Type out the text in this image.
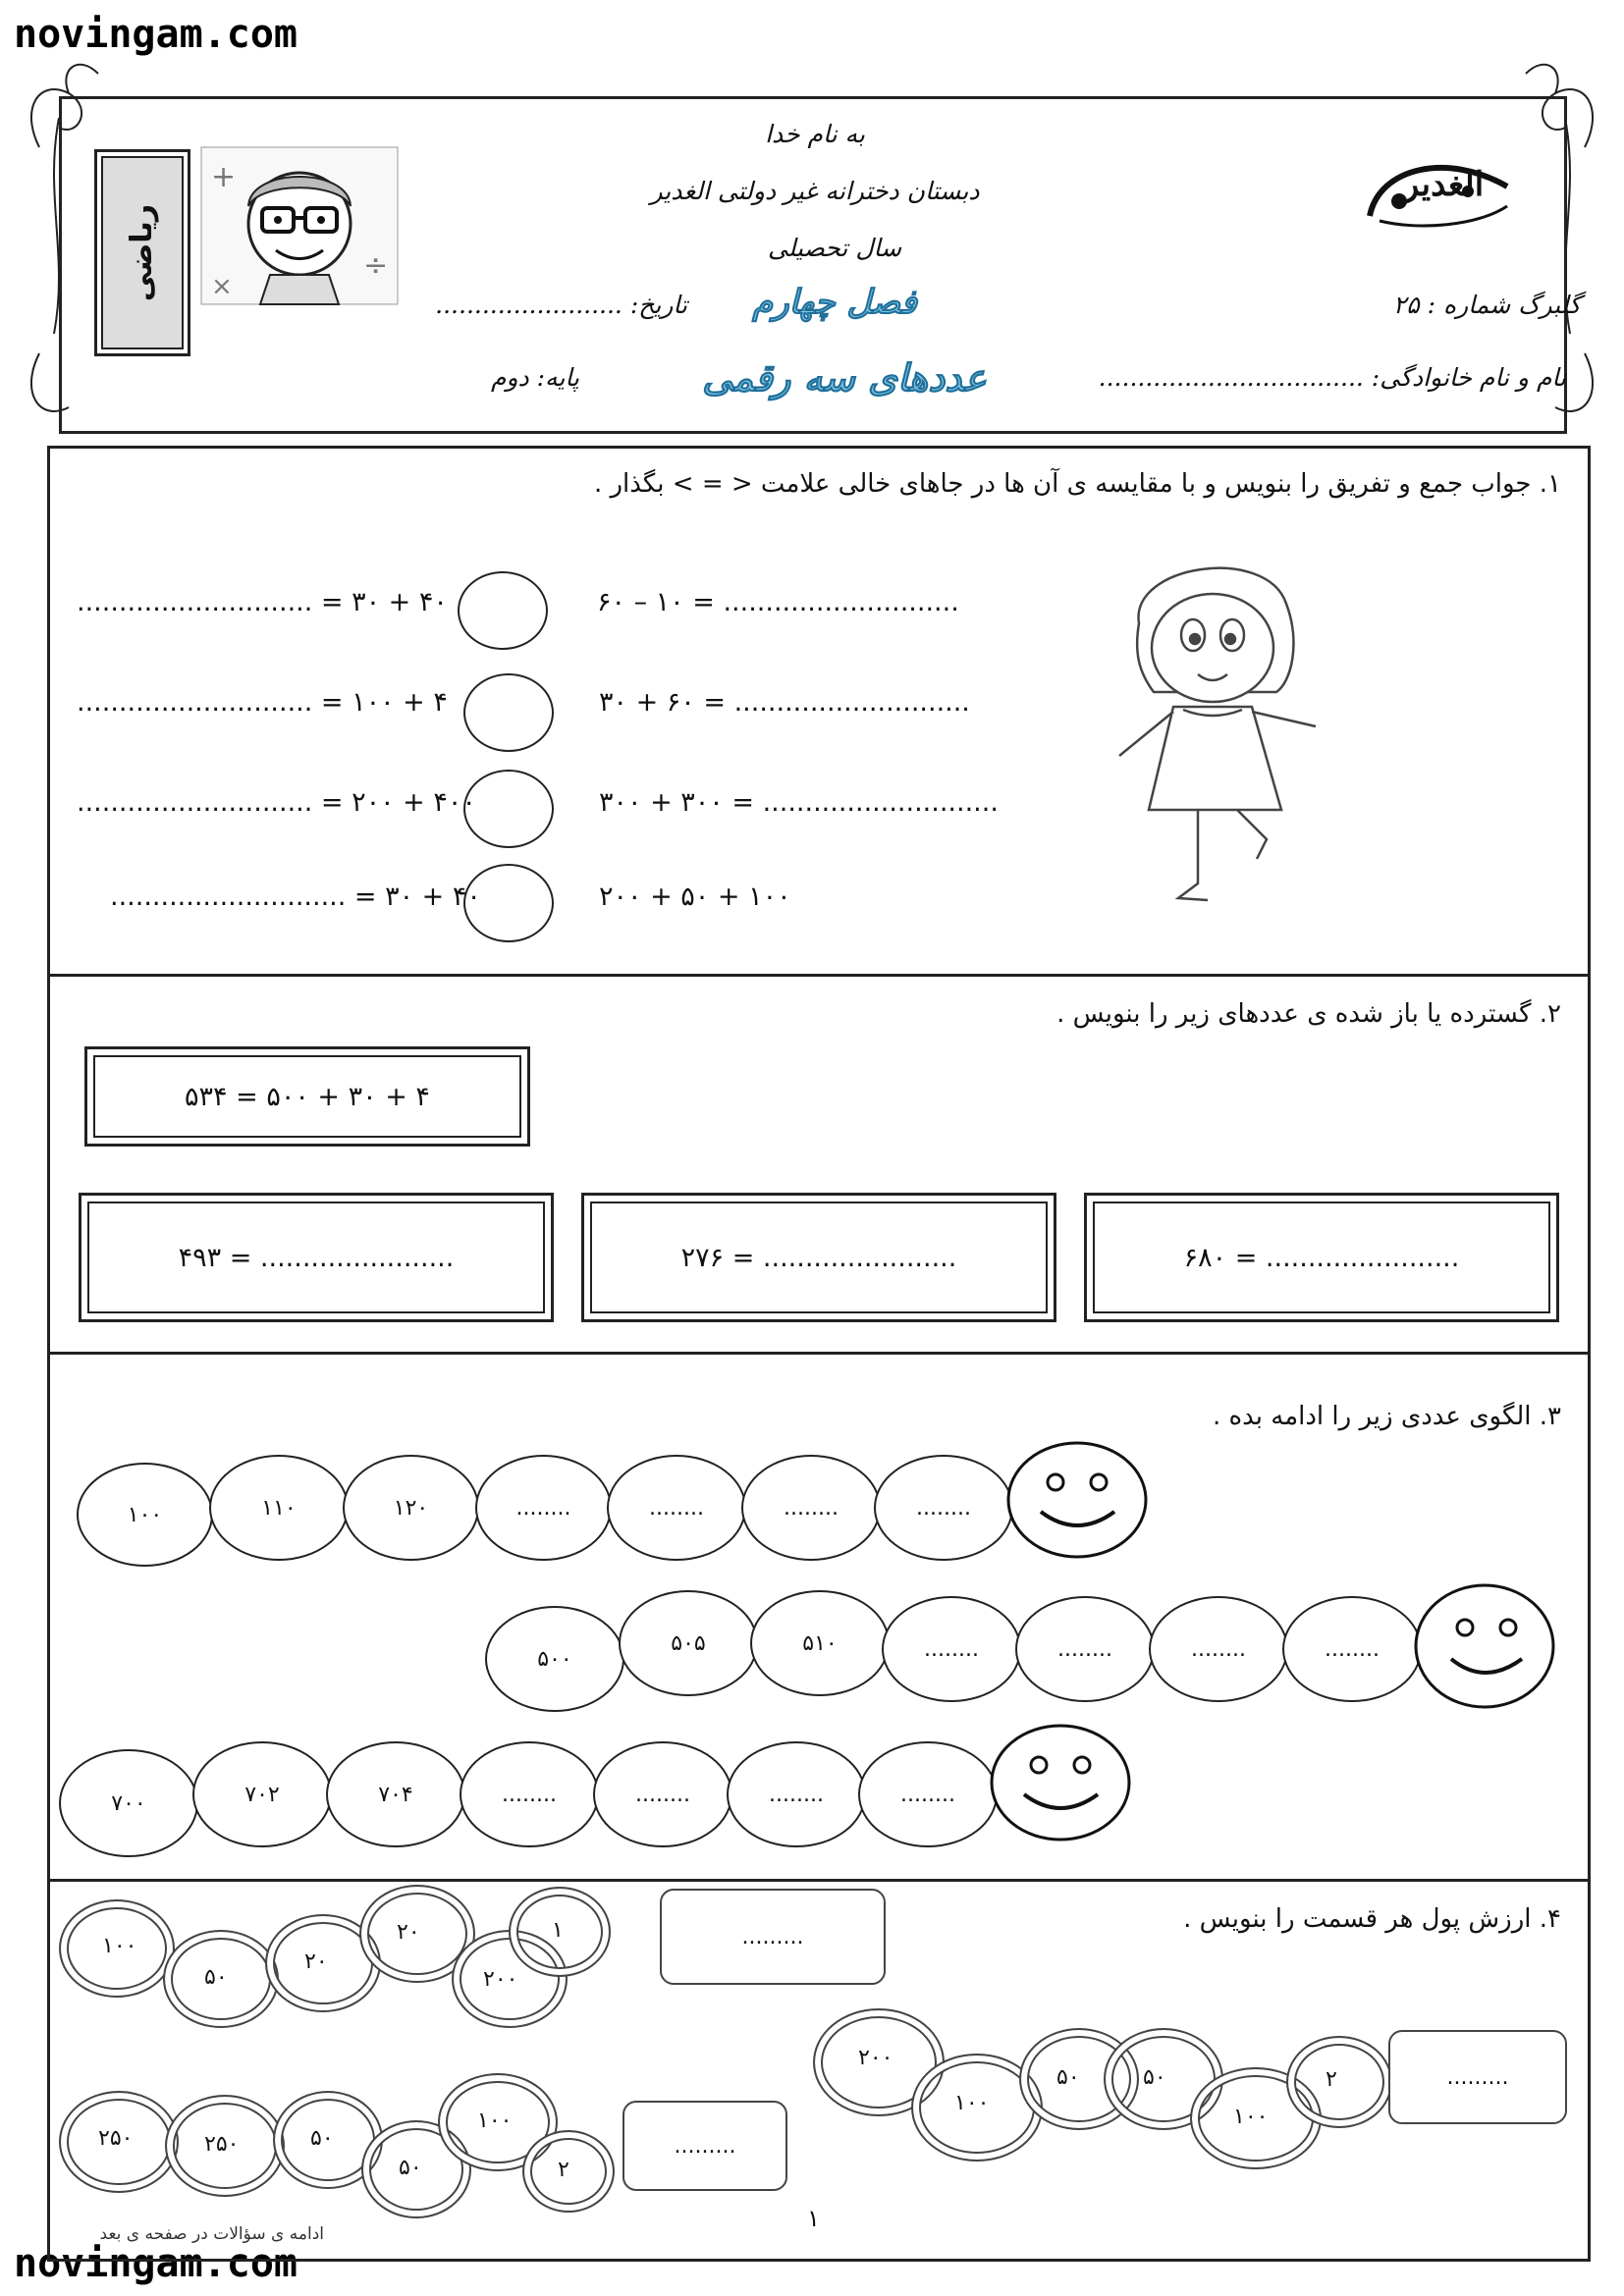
novingam.com
novingam.com
ریاضی
+
÷
×
الغدیر
به نام خدا
دبستان دخترانه غیر دولتی الغدیر
سال تحصیلی
گلبرگ شماره : ۲۵
تاریخ: ........................	فصل چهارم
نام و نام خانوادگی: ..................................
عددهای سه رقمی
پایه: دوم
۱. جواب جمع و تفریق را بنویس و با مقایسه ی آن ها در جاهای خالی علامت < = > بگذار .
............................ = ۳۰ + ۴۰	۶۰ – ۱۰ = ............................
............................ = ۱۰۰ + ۴	۳۰ + ۶۰ = ............................
............................ = ۲۰۰ + ۴۰۰	۳۰۰ + ۳۰۰ = ............................
............................ = ۳۰ + ۴۰	۲۰۰ + ۵۰ + ۱۰۰
۲. گسترده یا باز شده ی عددهای زیر را بنویس .
۵۳۴ = ۵۰۰ + ۳۰ + ۴
۴۹۳ = .......................	۲۷۶ = .......................	۶۸۰ = .......................
۳. الگوی عددی زیر را ادامه بده .
۱۰۰	۱۱۰	۱۲۰	........	........	........	........
۵۰۰
۵۰۵	۵۱۰	........	........	........	........
۷۰۰	۷۰۲	۷۰۴	........	........	........	........
۴. ارزش پول هر قسمت را بنویس .
۱۰۰
۵۰
۲۰
۲۰
۲۰۰
۱	.........
۲۵۰	۲۵۰	۵۰
۵۰
۱۰۰
۲
.........
۲۰۰
۱۰۰
۵۰	۵۰
۱۰۰
۲	.........
۱
ادامه ی سؤالات در صفحه ی بعد
